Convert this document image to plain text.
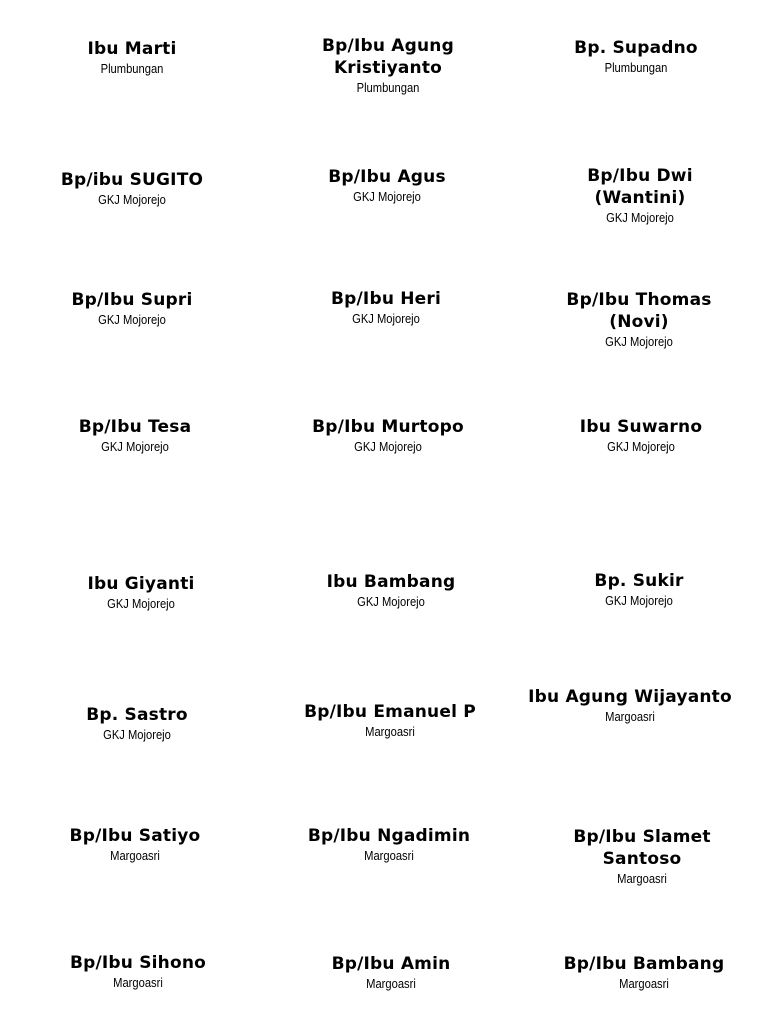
Ibu Marti
Plumbungan
Bp/Ibu Agung Kristiyanto
Plumbungan
Bp. Supadno
Plumbungan
Bp/ibu SUGITO
GKJ Mojorejo
Bp/Ibu Agus
GKJ Mojorejo
Bp/Ibu Dwi (Wantini)
GKJ Mojorejo
Bp/Ibu Supri
GKJ Mojorejo
Bp/Ibu Heri
GKJ Mojorejo
Bp/Ibu Thomas (Novi)
GKJ Mojorejo
Bp/Ibu Tesa
GKJ Mojorejo
Bp/Ibu Murtopo
GKJ Mojorejo
Ibu Suwarno
GKJ Mojorejo
Ibu Giyanti
GKJ Mojorejo
Ibu Bambang
GKJ Mojorejo
Bp. Sukir
GKJ Mojorejo
Bp. Sastro
GKJ Mojorejo
Bp/Ibu Emanuel P
Margoasri
Ibu Agung Wijayanto
Margoasri
Bp/Ibu Satiyo
Margoasri
Bp/Ibu Ngadimin
Margoasri
Bp/Ibu Slamet Santoso
Margoasri
Bp/Ibu Sihono
Margoasri
Bp/Ibu Amin
Margoasri
Bp/Ibu Bambang
Margoasri
